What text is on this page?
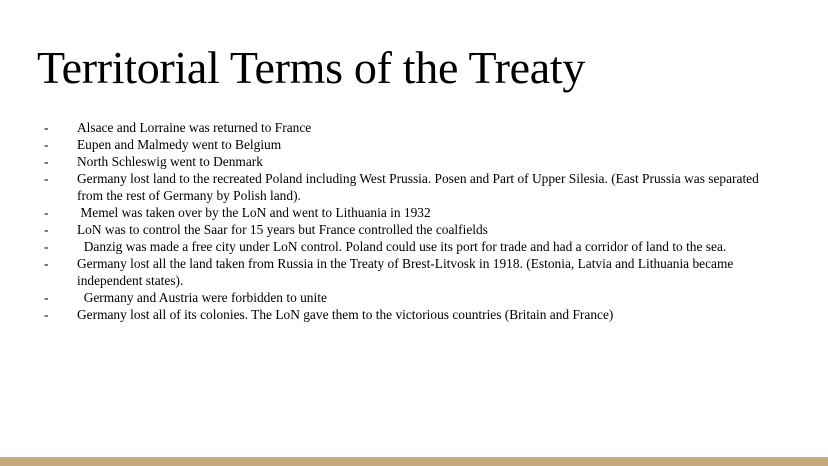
Territorial Terms of the Treaty
-	Alsace and Lorraine was returned to France
-	Eupen and Malmedy went to Belgium
-	North Schleswig went to Denmark
-	Germany lost land to the recreated Poland including West Prussia. Posen and Part of Upper Silesia. (East Prussia was separated from the rest of Germany by Polish land).
-	Memel was taken over by the LoN and went to Lithuania in 1932
-	LoN was to control the Saar for 15 years but France controlled the coalfields
-	Danzig was made a free city under LoN control. Poland could use its port for trade and had a corridor of land to the sea.
-	Germany lost all the land taken from Russia in the Treaty of Brest-Litvosk in 1918. (Estonia, Latvia and Lithuania became independent states).
-	Germany and Austria were forbidden to unite
-	Germany lost all of its colonies. The LoN gave them to the victorious countries (Britain and France)
